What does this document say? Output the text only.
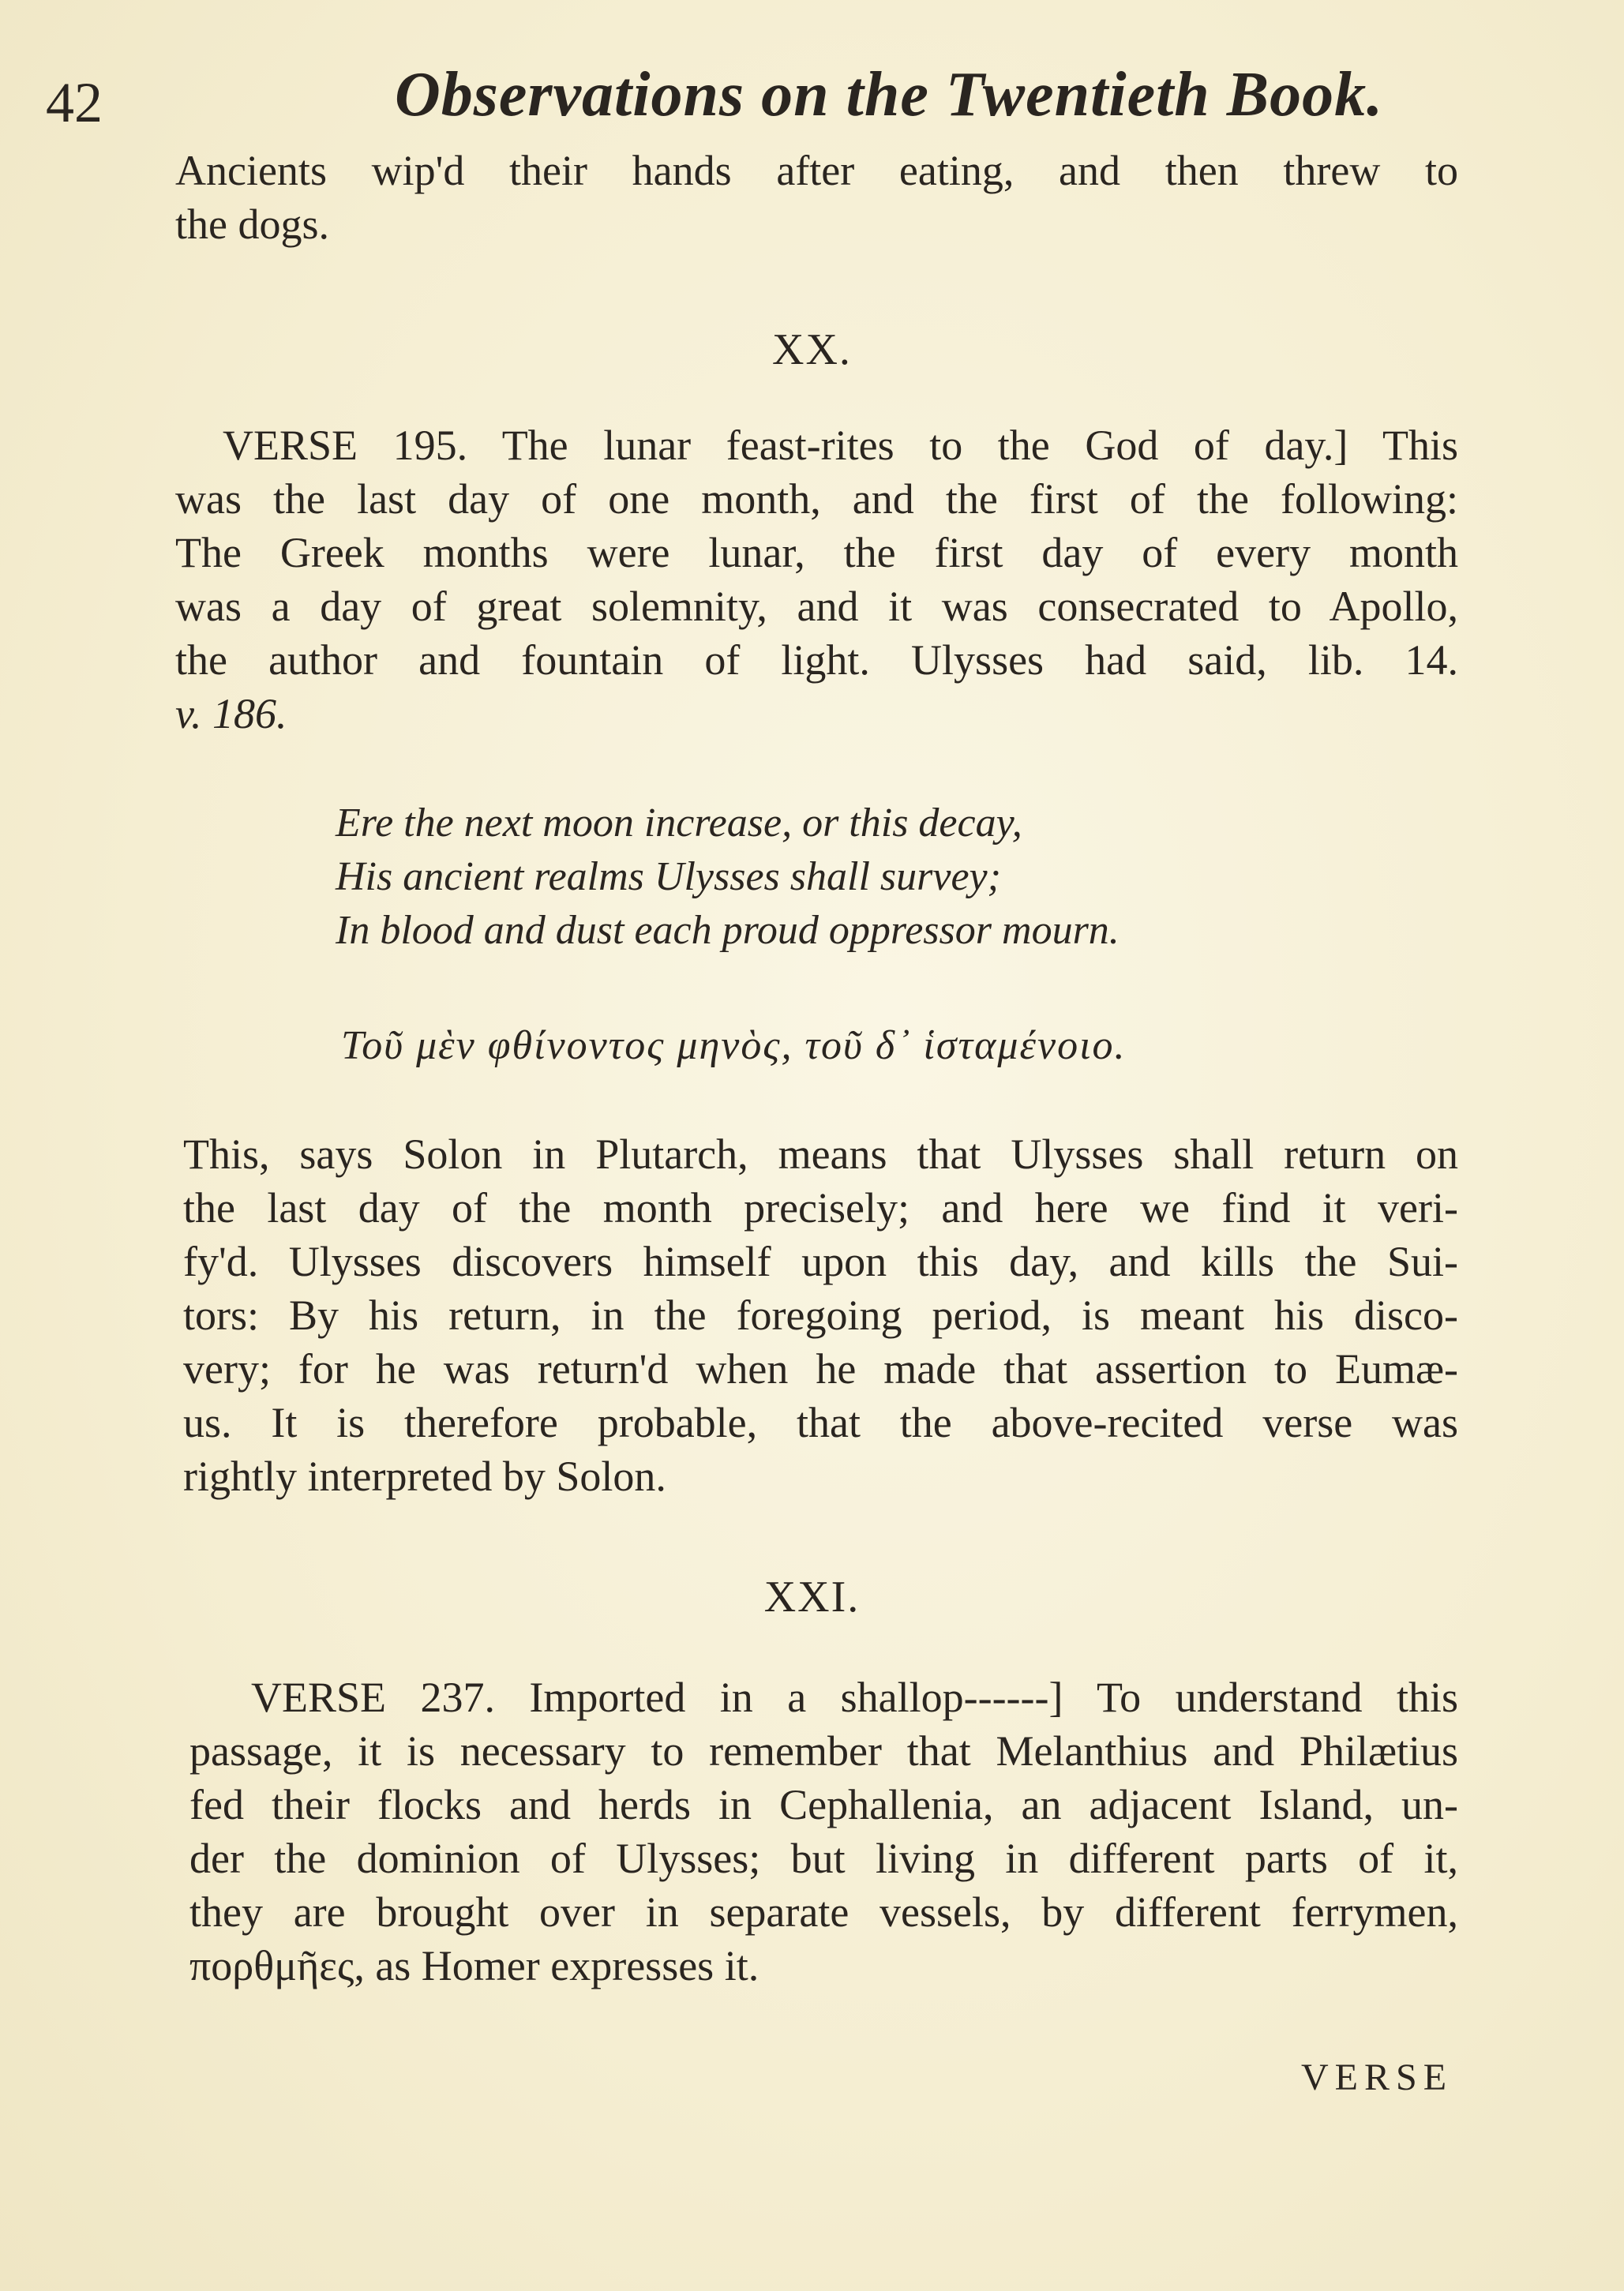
42	Observations on the Twentieth Book.
Ancients wip'd their hands after eating, and then threw to
the dogs.
XX.
VERSE 195. The lunar feast-rites to the God of day.] This
was the last day of one month, and the first of the following:
The Greek months were lunar, the first day of every month
was a day of great solemnity, and it was consecrated to Apollo,
the author and fountain of light. Ulysses had said, lib. 14.
v. 186.
Ere the next moon increase, or this decay,
His ancient realms Ulysses shall survey;
In blood and dust each proud oppressor mourn.
Τοῦ μὲν φθίνοντος μηνὸς, τοῦ δ᾽ ἱσταμένοιο.
This, says Solon in Plutarch, means that Ulysses shall return on
the last day of the month precisely; and here we find it veri-
fy'd. Ulysses discovers himself upon this day, and kills the Sui-
tors: By his return, in the foregoing period, is meant his disco-
very; for he was return'd when he made that assertion to Eumæ-
us. It is therefore probable, that the above-recited verse was
rightly interpreted by Solon.
XXI.
VERSE 237. Imported in a shallop------] To understand this
passage, it is necessary to remember that Melanthius and Philætius
fed their flocks and herds in Cephallenia, an adjacent Island, un-
der the dominion of Ulysses; but living in different parts of it,
they are brought over in separate vessels, by different ferrymen,
πορθμῆες, as Homer expresses it.
VERSE
